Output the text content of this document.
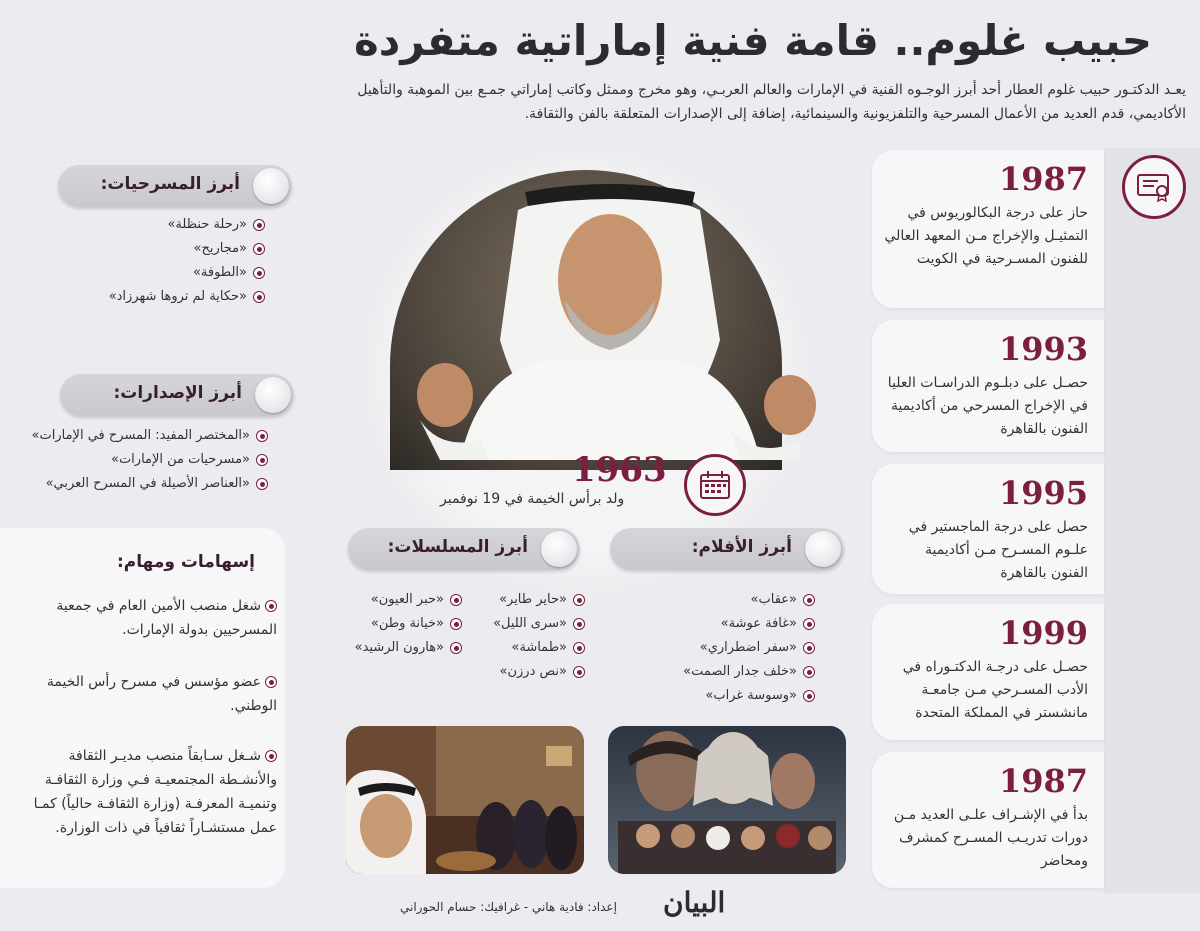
حبيب غلوم.. قامة فنية إماراتية متفردة
يعـد الدكتـور حبيب غلوم العطار أحد أبرز الوجـوه الفنية في الإمارات والعالم العربـي، وهو مخرج وممثل وكاتب إماراتي جمـع بين الموهبة والتأهيل
الأكاديمي، قدم العديد من الأعمال المسرحية والتلفزيونية والسينمائية، إضافة إلى الإصدارات المتعلقة بالفن والثقافة.
1987
حاز على درجة البكالوريوس في التمثيـل والإخراج مـن المعهد العالي للفنون المسـرحية في الكويت
1993
حصـل على دبلـوم الدراسـات العليا في الإخراج المسرحي من أكاديمية الفنون بالقاهرة
1995
حصل على درجة الماجستير في علـوم المسـرح مـن أكاديمية الفنون بالقاهرة
1999
حصـل على درجـة الدكتـوراه في الأدب المسـرحي مـن جامعـة مانشستر في المملكة المتحدة
1987
بدأ في الإشـراف علـى العديد مـن دورات تدريـب المسـرح كمشرف ومحاضر
أبرز المسرحيات:
«رحلة حنظلة»
«مجاريح»
«الطوفة»
«حكاية لم تروها شهرزاد»
أبرز الإصدارات:
«المختصر المفيد: المسرح في الإمارات»
«مسرحيات من الإمارات»
«العناصر الأصيلة في المسرح العربي»
إسهامات ومهام:
شغل منصب الأمين العام في جمعية المسرحيين بدولة الإمارات.
عضو مؤسس في مسرح رأس الخيمة الوطني.
شـغل سـابقاً منصب مديـر الثقافة والأنشـطة المجتمعيـة فـي وزارة الثقافـة وتنميـة المعرفـة (وزارة الثقافـة حالياً) كمـا عمل مستشـاراً ثقافياً في ذات الوزارة.
1963
ولد برأس الخيمة في 19 نوفمبر
أبرز المسلسلات:
«حاير طاير»
«سرى الليل»
«طماشة»
«نص درزن»
«حبر العيون»
«خيانة وطن»
«هارون الرشيد»
أبرز الأفلام:
«عقاب»
«غافة عوشة»
«سفر اضطراري»
«خلف جدار الصمت»
«وسوسة غراب»
البيان
إعداد: فادية هاني - غرافيك: حسام الحوراني
